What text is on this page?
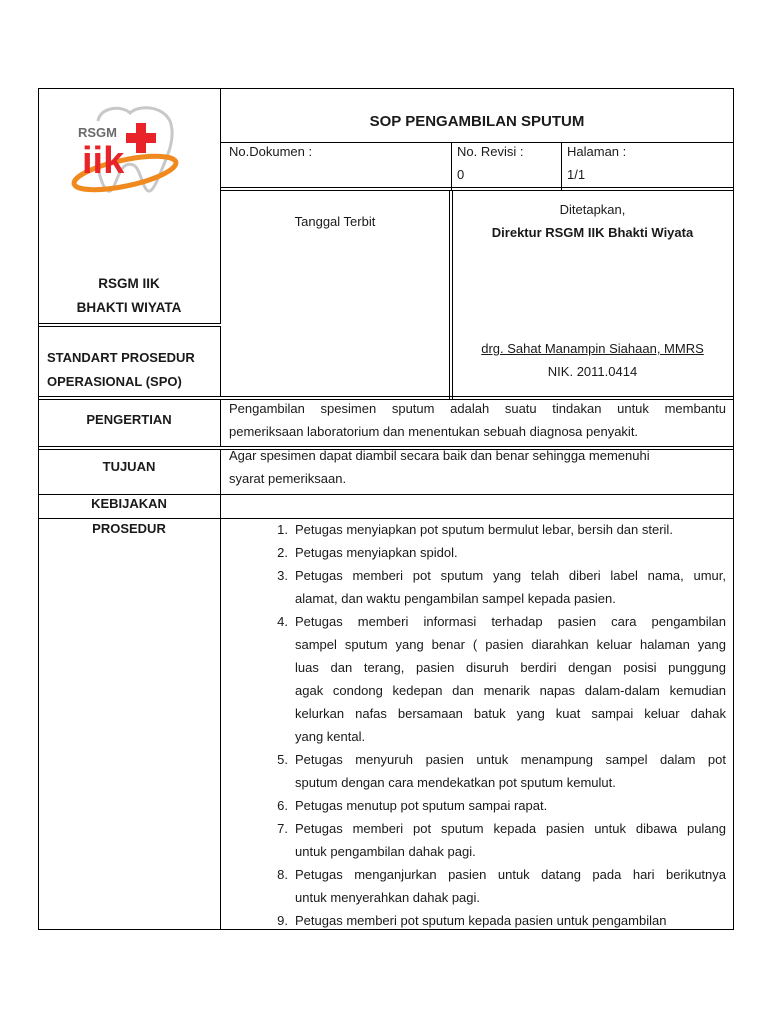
RSGM
iik
RSGM IIK
BHAKTI WIYATA
STANDART PROSEDUR
OPERASIONAL (SPO)
SOP PENGAMBILAN SPUTUM
No.Dokumen :	No. Revisi :
0
Halaman :
1/1
Tanggal Terbit
Ditetapkan,
Direktur RSGM IIK Bhakti Wiyata
drg. Sahat Manampin Siahaan, MMRS
NIK. 2011.0414
PENGERTIAN
Pengambilan spesimen sputum adalah suatu tindakan untuk membantu
pemeriksaan laboratorium dan menentukan sebuah diagnosa penyakit.
TUJUAN
Agar spesimen dapat diambil secara baik dan benar sehingga memenuhi
syarat pemeriksaan.
KEBIJAKAN
PROSEDUR	1. Petugas menyiapkan pot sputum bermulut lebar, bersih dan steril.
2. Petugas menyiapkan spidol.
3. Petugas memberi pot sputum yang telah diberi label nama, umur,
alamat, dan waktu pengambilan sampel kepada pasien.
4. Petugas memberi informasi terhadap pasien cara pengambilan
sampel sputum yang benar ( pasien diarahkan keluar halaman yang
luas dan terang, pasien disuruh berdiri dengan posisi punggung
agak condong kedepan dan menarik napas dalam-dalam kemudian
kelurkan nafas bersamaan batuk yang kuat sampai keluar dahak
yang kental.
5. Petugas menyuruh pasien untuk menampung sampel dalam pot
sputum dengan cara mendekatkan pot sputum kemulut.
6. Petugas menutup pot sputum sampai rapat.
7. Petugas memberi pot sputum kepada pasien untuk dibawa pulang
untuk pengambilan dahak pagi.
8. Petugas menganjurkan pasien untuk datang pada hari berikutnya
untuk menyerahkan dahak pagi.
9. Petugas memberi pot sputum kepada pasien untuk pengambilan
